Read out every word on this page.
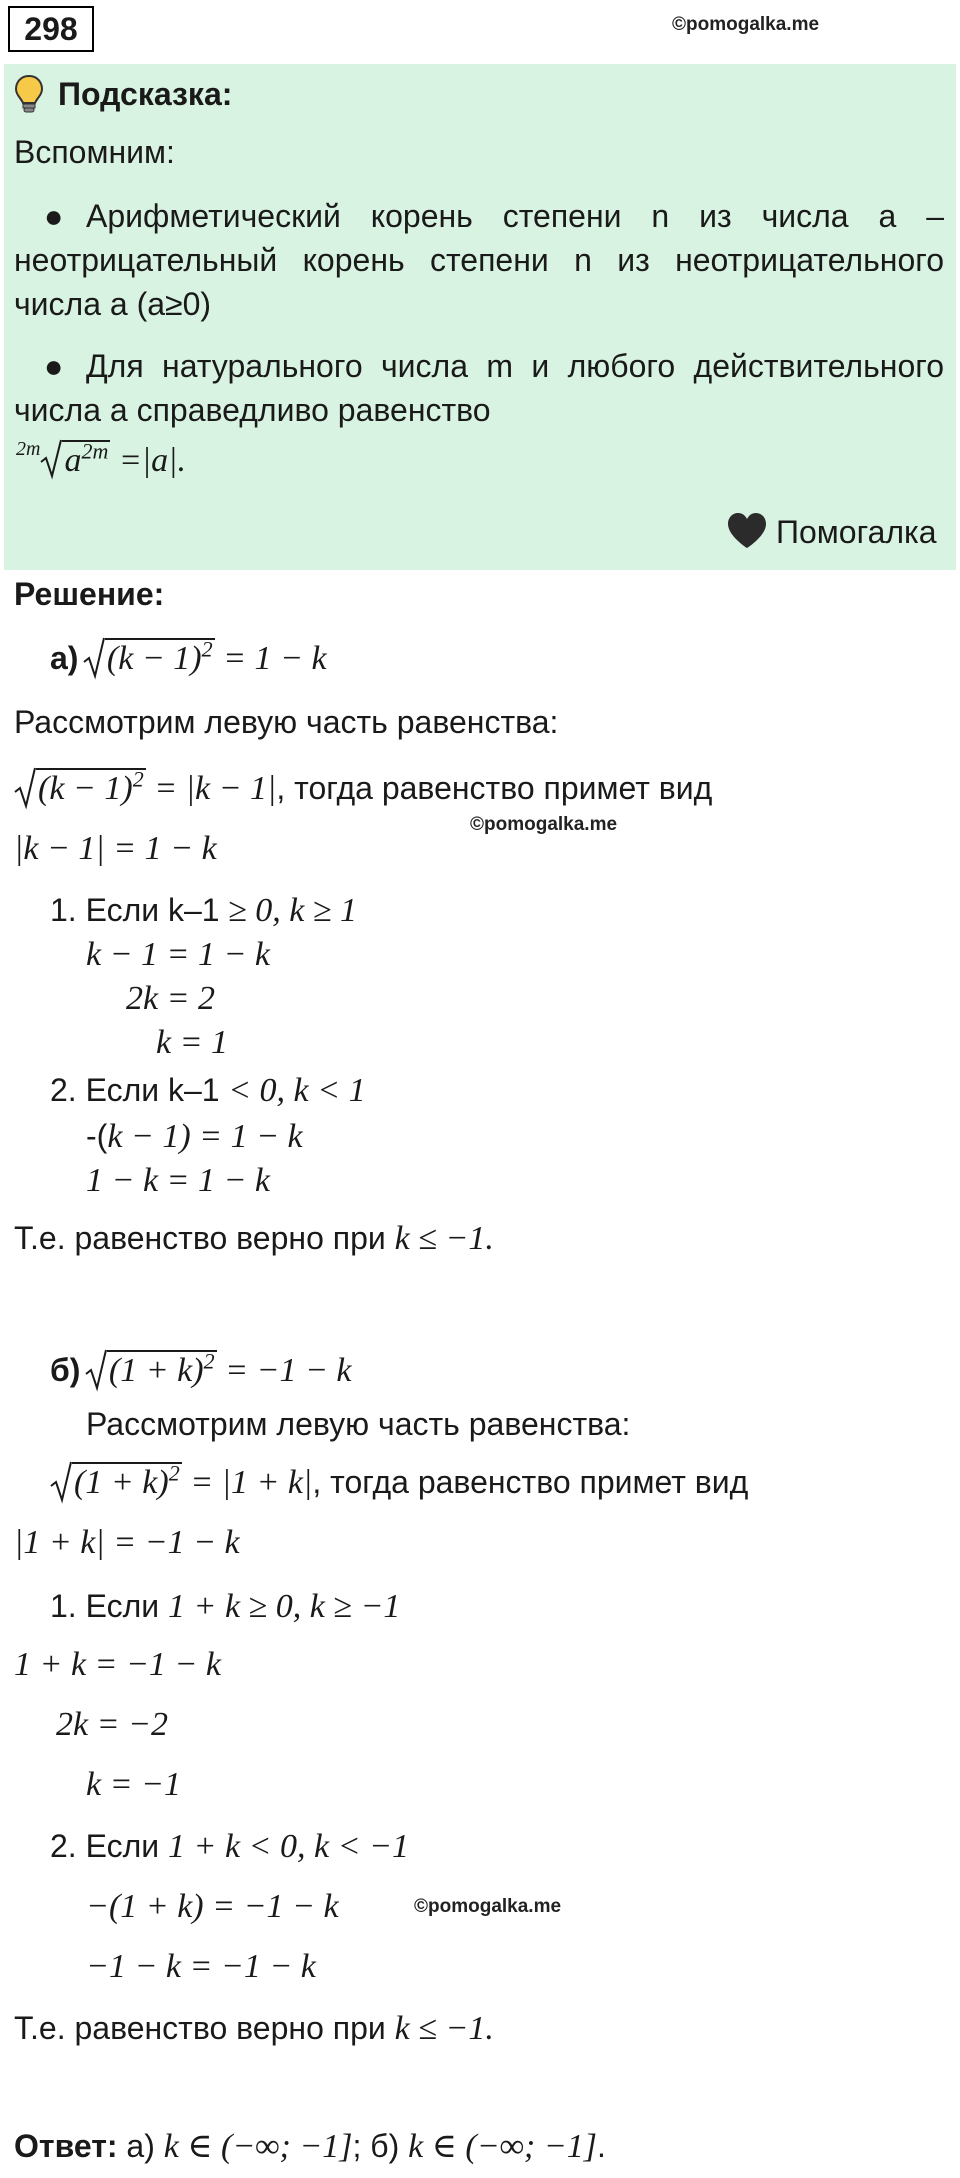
298	©pomogalka.me
Подсказка:
Вспомним:
● Арифметический корень степени n из числа a – неотрицательный корень степени n из неотрицательного числа a (a≥0)
● Для натурального числа m и любого действительного числа a справедливо равенство
2m $a^{2m} =|a|$.
Помогалка
Решение:
а) $(k - 1)^2 = 1 - k$
Рассмотрим левую часть равенства:
$(k - 1)^2 = |k - 1|$, тогда равенство примет вид
©pomogalka.me
|k − 1| = 1 − k
1. Если k–1 ≥ 0, k ≥ 1
k − 1 = 1 − k
2k = 2
k = 1
2. Если k–1 < 0, k < 1
-(k − 1) = 1 − k
1 − k = 1 − k
Т.е. равенство верно при k ≤ −1.
б) $(1 + k)^2 = -1 - k$
Рассмотрим левую часть равенства:
$(1 + k)^2 = |1 + k|$, тогда равенство примет вид
|1 + k| = −1 − k
1. Если 1 + k ≥ 0, k ≥ −1
1 + k = −1 − k
2k = −2
k = −1
2. Если 1 + k < 0, k < −1
−(1 + k) = −1 − k	©pomogalka.me
−1 − k = −1 − k
Т.е. равенство верно при k ≤ −1.
Ответ: а) k ∈ (−∞; −1]; б) k ∈ (−∞; −1].
